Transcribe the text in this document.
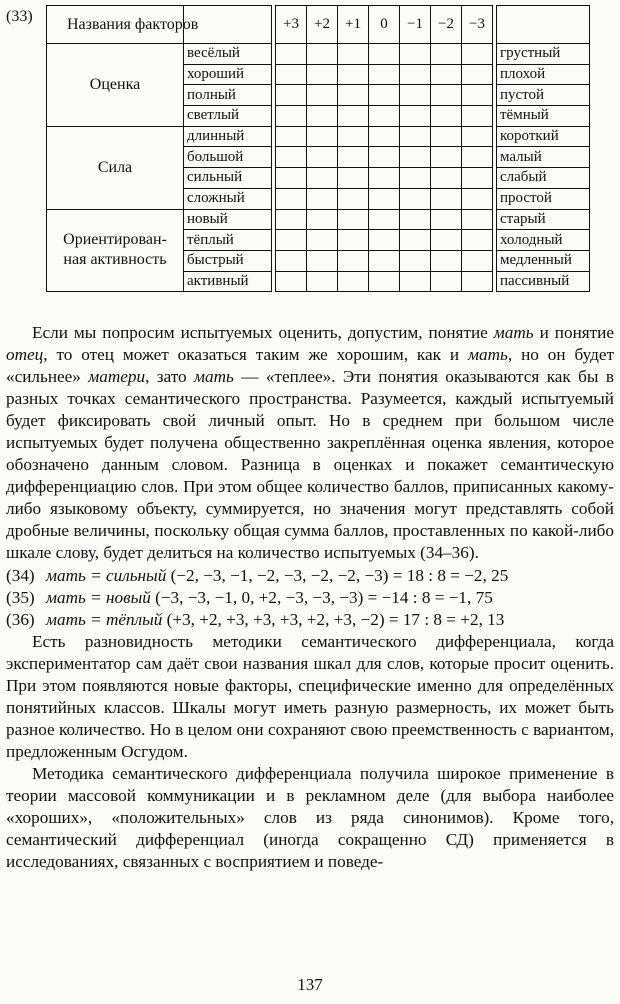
(33) Названия факторов			+3	+2	+1	0	−1	−2	−3		
Оценка	весёлый										грустный
	хороший										плохой
	полный										пустой
	светлый										тёмный
Сила	длинный										короткий
	большой										малый
	сильный										слабый
	сложный										простой

Ориентирован-
ная активность	новый										старый
	тёплый										холодный
	быстрый										медленный
	активный										пассивный

Если мы попросим испытуемых оценить, допустим, понятие мать и понятие отец, то отец может оказаться таким же хорошим, как и мать, но он будет «сильнее» матери, зато мать — «теплее». Эти понятия оказываются как бы в разных точках семантического пространства. Разумеется, каждый испытуемый будет фиксировать свой личный опыт. Но в среднем при большом числе испытуемых будет получена общественно закреплённая оценка явления, которое обозначено данным словом. Разница в оценках и покажет семантическую дифференциацию слов. При этом общее количество баллов, приписанных какому-либо языковому объекту, суммируется, но значения могут представлять собой дробные величины, поскольку общая сумма баллов, проставленных по какой-либо шкале слову, будет делиться на количество испытуемых (34–36).

(34) мать = сильный (−2, −3, −1, −2, −3, −2, −2, −3) = 18 : 8 = −2, 25
(35) мать = новый (−3, −3, −1, 0, +2, −3, −3, −3) = −14 : 8 = −1, 75
(36) мать = тёплый (+3, +2, +3, +3, +3, +2, +3, −2) = 17 : 8 = +2, 13

Есть разновидность методики семантического дифференциала, когда экспериментатор сам даёт свои названия шкал для слов, которые просит оценить. При этом появляются новые факторы, специфические именно для определённых понятийных классов. Шкалы могут иметь разную размерность, их может быть разное количество. Но в целом они сохраняют свою преемственность с вариантом, предложенным Осгудом.

Методика семантического дифференциала получила широкое применение в теории массовой коммуникации и в рекламном деле (для выбора наиболее «хороших», «положительных» слов из ряда синонимов). Кроме того, семантический дифференциал (иногда сокращенно СД) применяется в исследованиях, связанных с восприятием и поведе-

137
